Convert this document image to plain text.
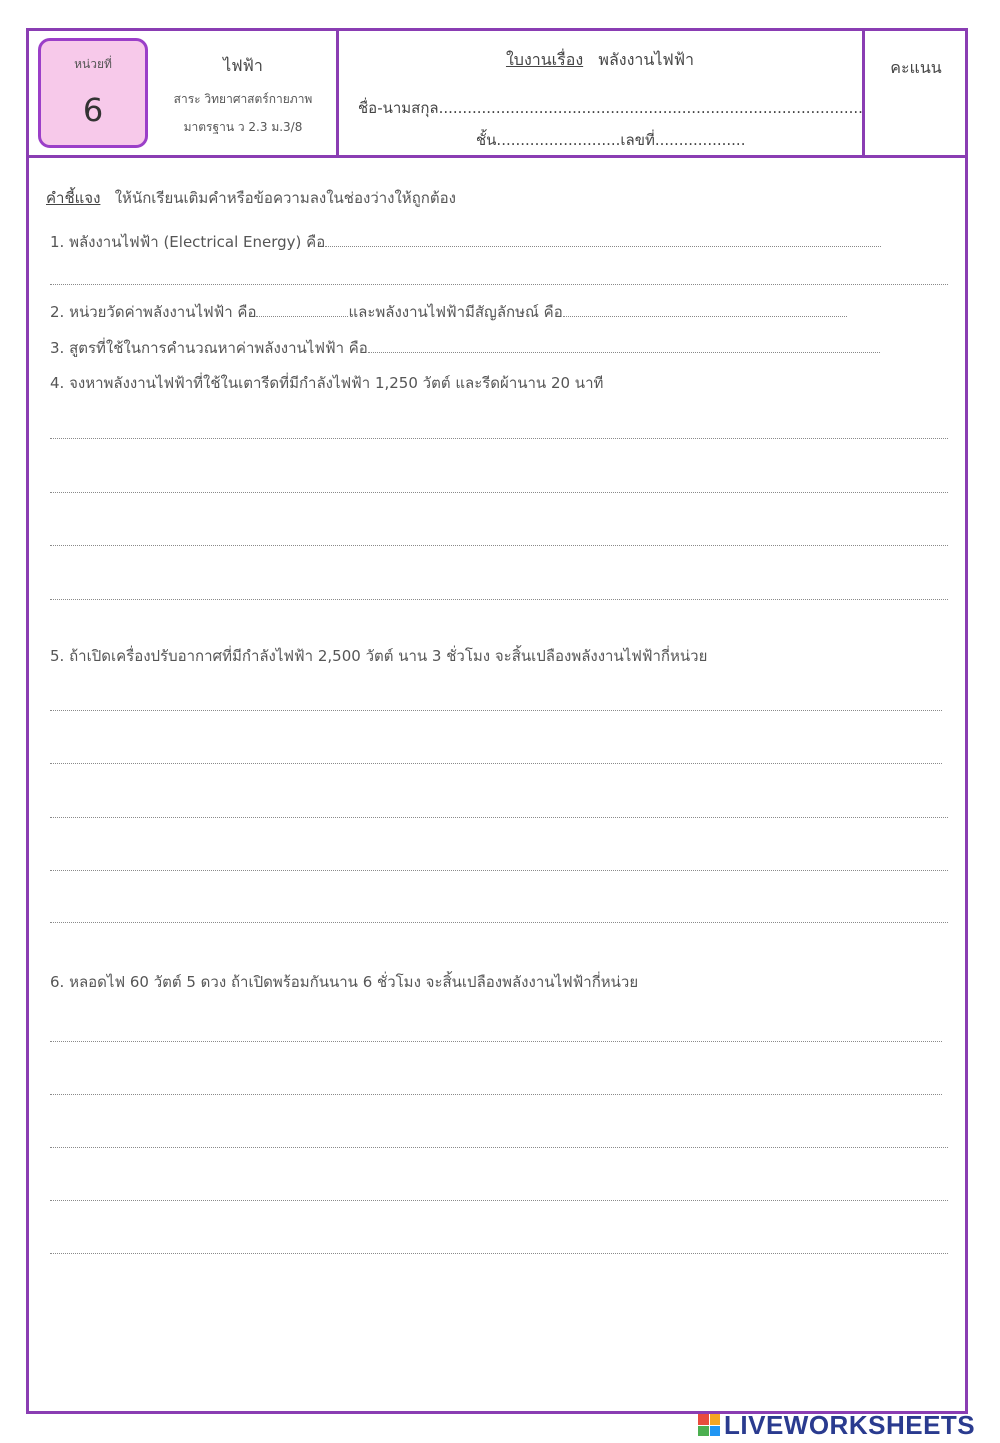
หน่วยที่
6
ไฟฟ้า
สาระ วิทยาศาสตร์กายภาพ
มาตรฐาน ว 2.3 ม.3/8
ใบงานเรื่อง พลังงานไฟฟ้า
ชื่อ-นามสกุล.........................................................................................
ชั้น..........................เลขที่...................
คะแนน
คำชี้แจง ให้นักเรียนเติมคำหรือข้อความลงในช่องว่างให้ถูกต้อง
1. พลังงานไฟฟ้า (Electrical Energy) คือ
2. หน่วยวัดค่าพลังงานไฟฟ้า คือ	และพลังงานไฟฟ้ามีสัญลักษณ์ คือ
3. สูตรที่ใช้ในการคำนวณหาค่าพลังงานไฟฟ้า คือ
4. จงหาพลังงานไฟฟ้าที่ใช้ในเตารีดที่มีกำลังไฟฟ้า 1,250 วัตต์ และรีดผ้านาน 20 นาที
5. ถ้าเปิดเครื่องปรับอากาศที่มีกำลังไฟฟ้า 2,500 วัตต์ นาน 3 ชั่วโมง จะสิ้นเปลืองพลังงานไฟฟ้ากี่หน่วย
6. หลอดไฟ 60 วัตต์ 5 ดวง ถ้าเปิดพร้อมกันนาน 6 ชั่วโมง จะสิ้นเปลืองพลังงานไฟฟ้ากี่หน่วย
LIVEWORKSHEETS
